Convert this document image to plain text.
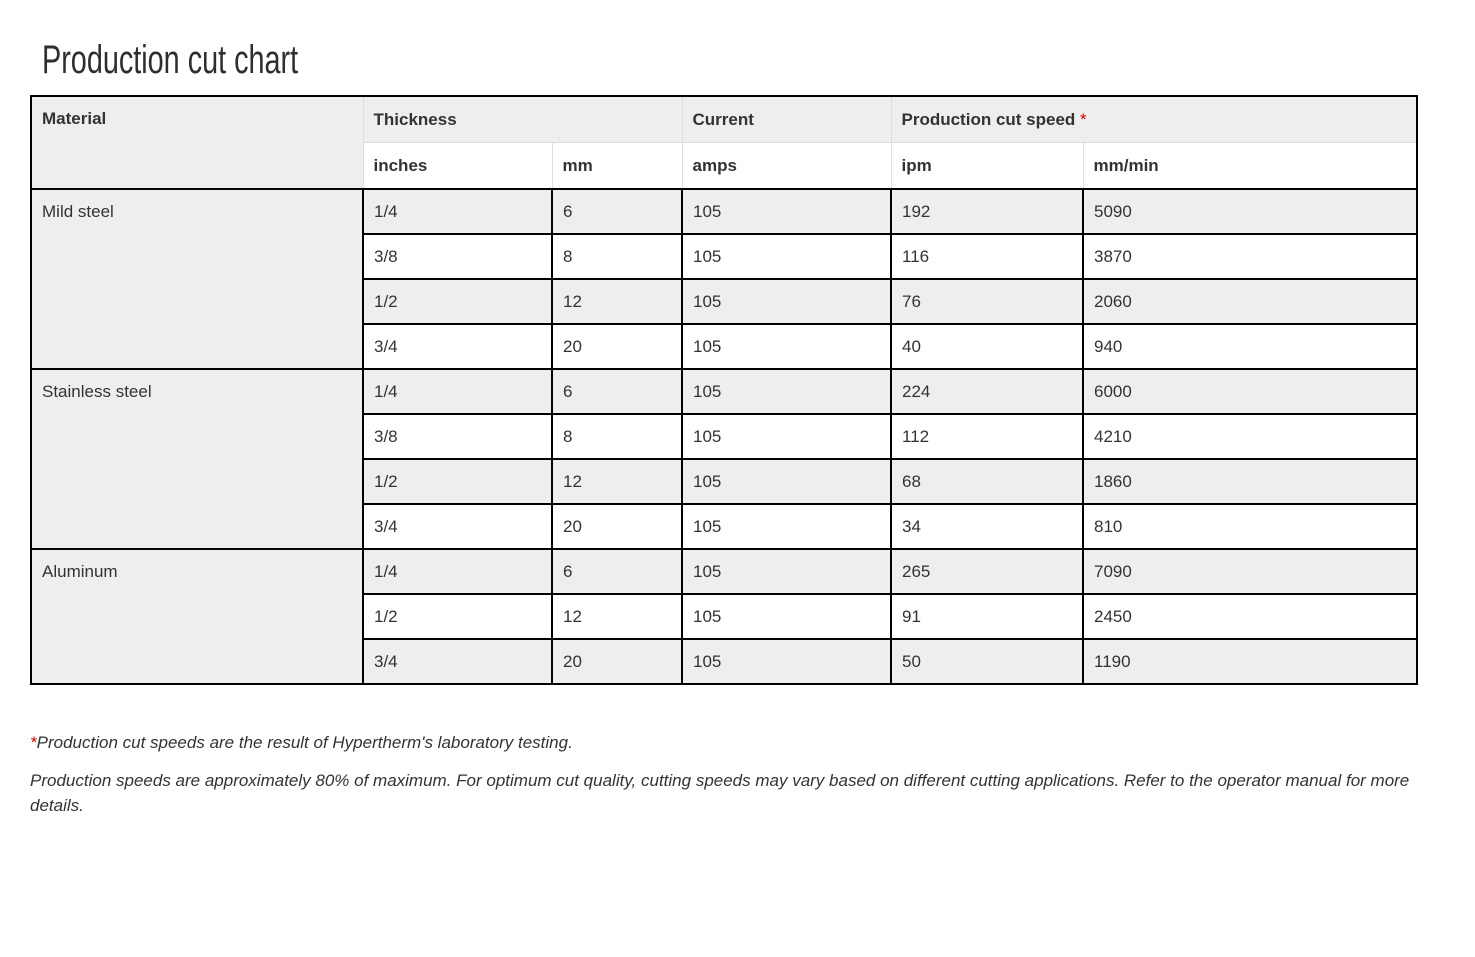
Production cut chart
Material	Thickness		Current	Production cut speed *	
	inches	mm	amps	ipm	mm/min
Mild steel	1/4	6	105	192	5090
	3/8	8	105	116	3870
	1/2	12	105	76	2060
	3/4	20	105	40	940
Stainless steel	1/4	6	105	224	6000
	3/8	8	105	112	4210
	1/2	12	105	68	1860
	3/4	20	105	34	810
Aluminum	1/4	6	105	265	7090
	1/2	12	105	91	2450
	3/4	20	105	50	1190

*Production cut speeds are the result of Hypertherm's laboratory testing.

Production speeds are approximately 80% of maximum. For optimum cut quality, cutting speeds may vary based on different cutting applications. Refer to the operator manual for more details.
